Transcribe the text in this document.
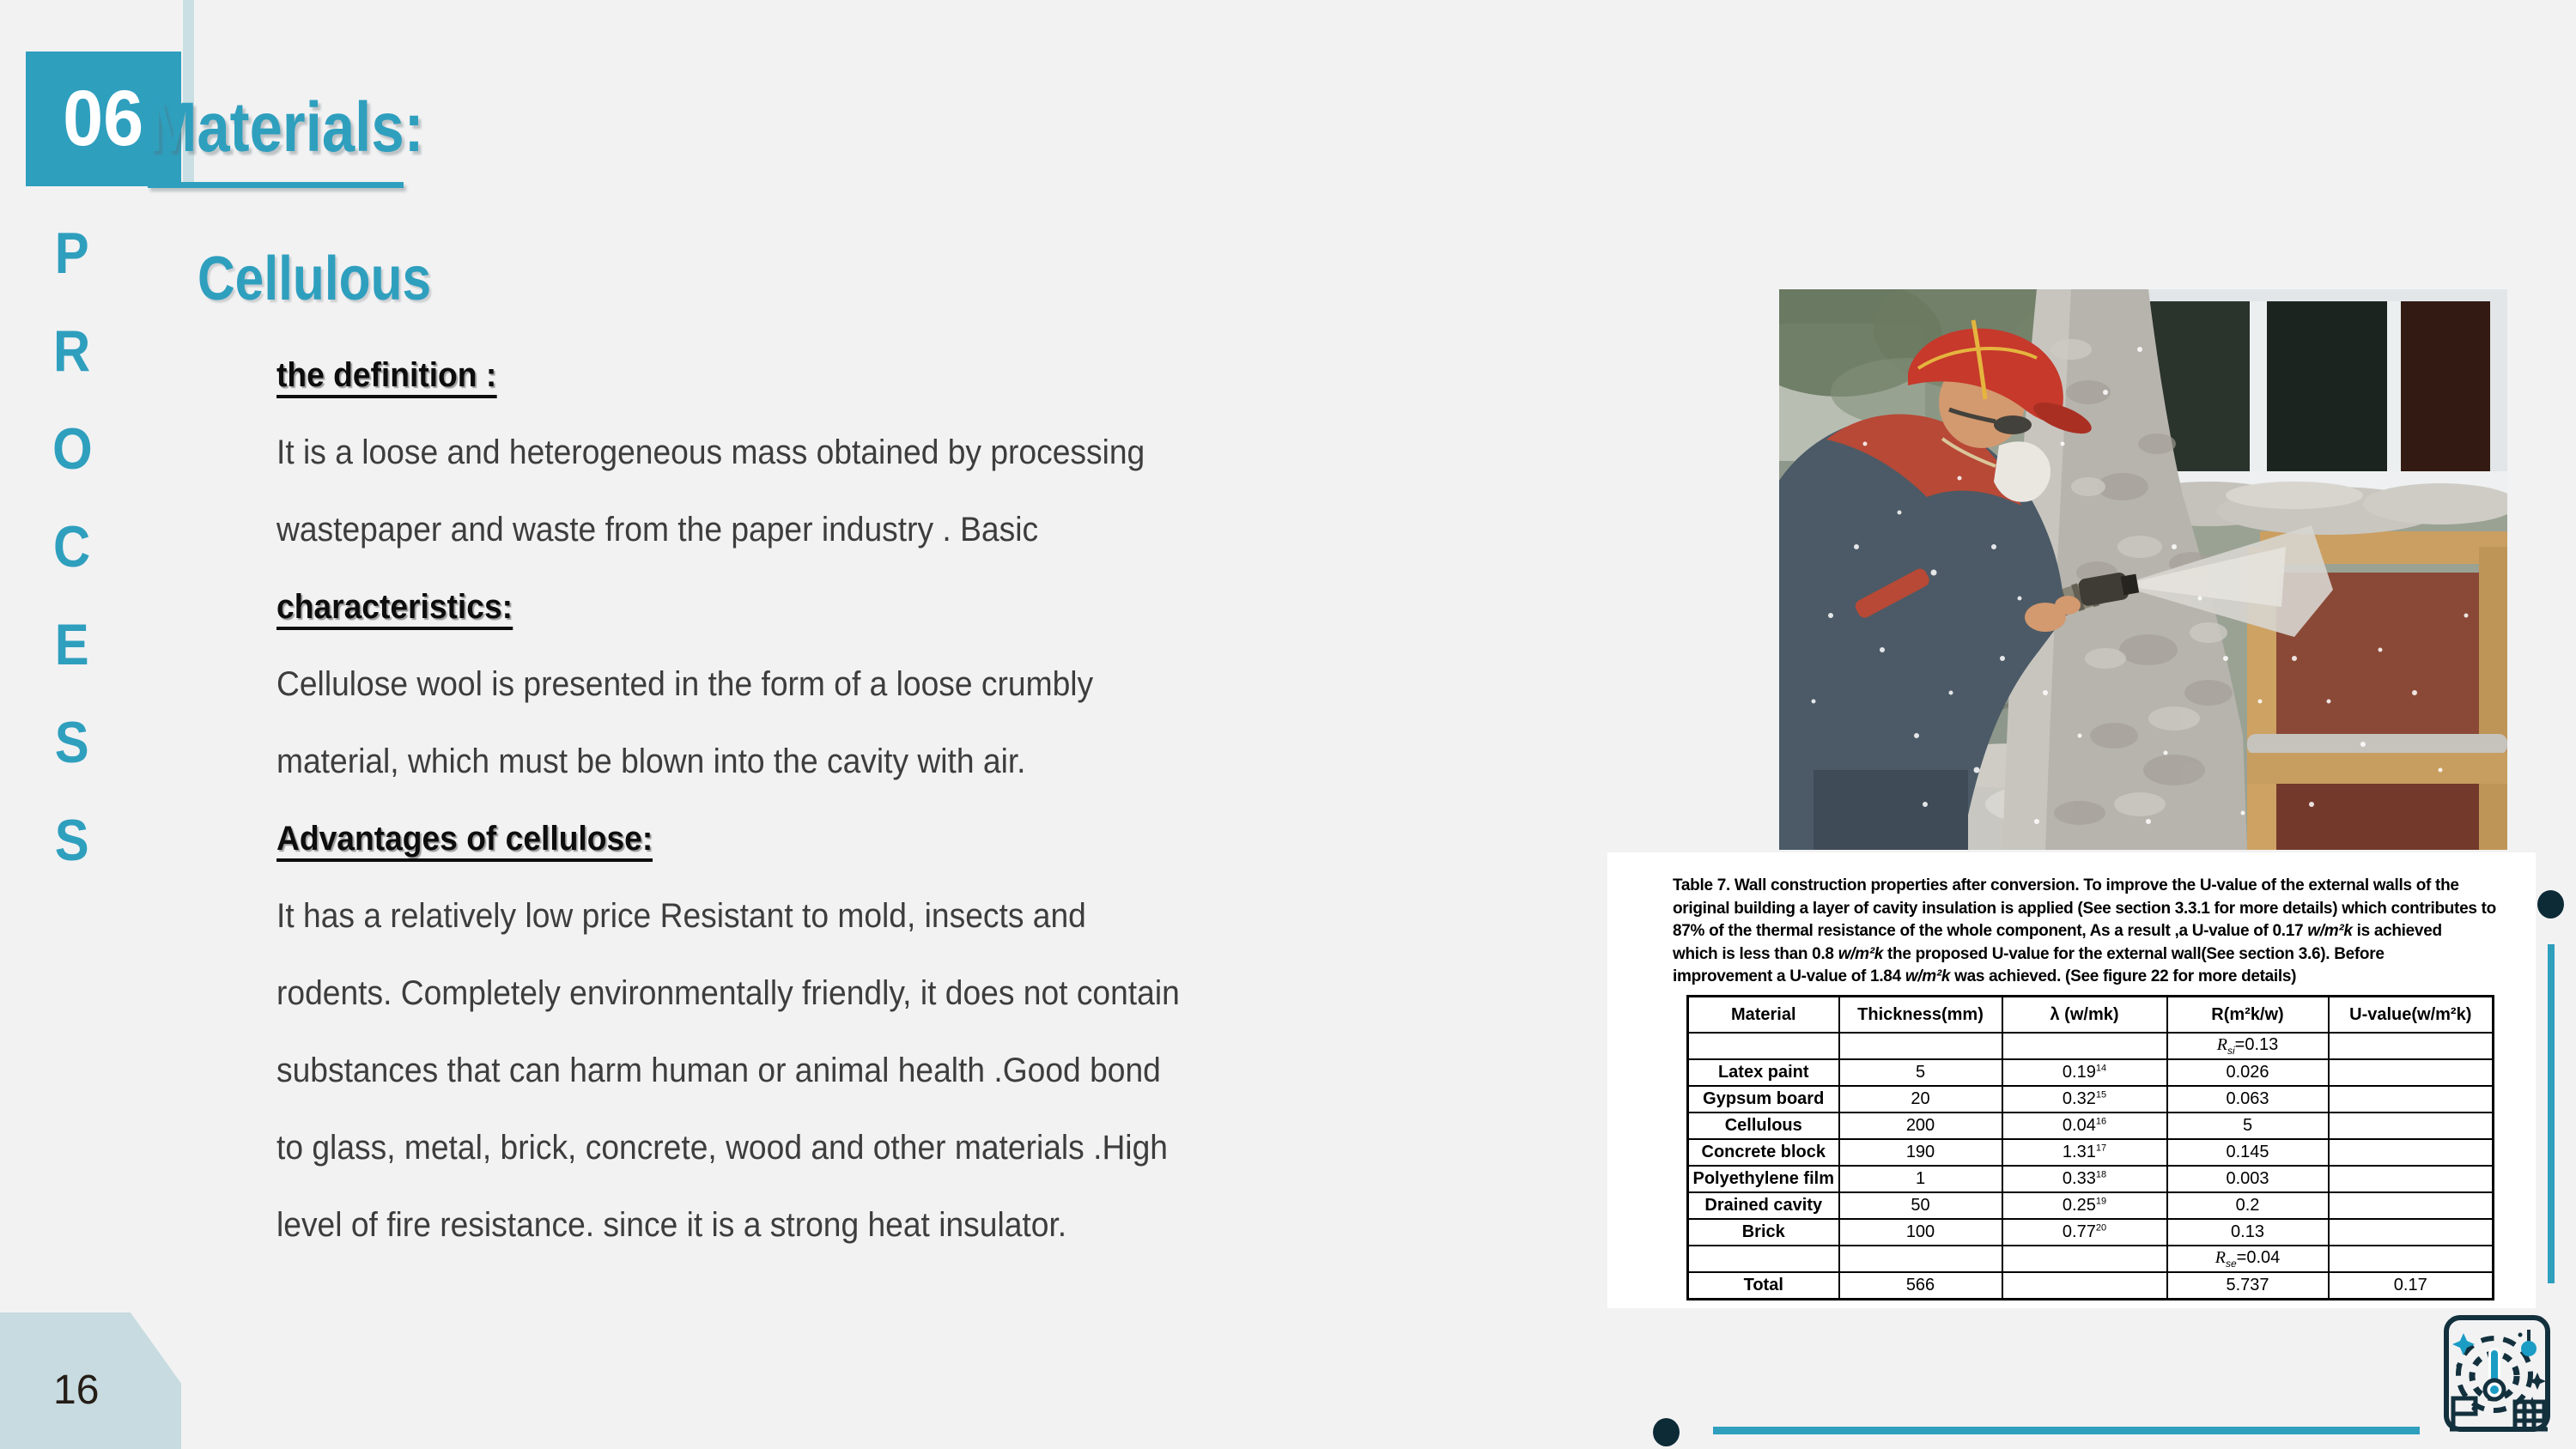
06
P
R
O
C
E
S
S
16
Materials:
Cellulous
the definition :
It is a loose and heterogeneous mass obtained by processing
wastepaper and waste from the paper industry . Basic
characteristics:
Cellulose wool is presented in the form of a loose crumbly
material, which must be blown into the cavity with air.
Advantages of cellulose:
It has a relatively low price Resistant to mold, insects and
rodents. Completely environmentally friendly, it does not contain
substances that can harm human or animal health .Good bond
to glass, metal, brick, concrete, wood and other materials .High
level of fire resistance. since it is a strong heat insulator.
Table 7. Wall construction properties after conversion. To improve the U-value of the external walls of the
original building a layer of cavity insulation is applied (See section 3.3.1 for more details) which contributes to
87% of the thermal resistance of the whole component, As a result ,a U-value of 0.17 w/m²k is achieved
which is less than 0.8 w/m²k the proposed U-value for the external wall(See section 3.6). Before
improvement a U-value of 1.84 w/m²k was achieved. (See figure 22 for more details)
Material	Thickness(mm)	λ (w/mk)	R(m²k/w)	U-value(w/m²k)
			$R_{si}=0.13$	
Latex paint	5	0.19$^{14}$	0.026	
Gypsum board	20	0.32$^{15}$	0.063	
Cellulous	200	0.04$^{16}$	5	
Concrete block	190	1.31$^{17}$	0.145	
Polyethylene film	1	0.33$^{18}$	0.003	
Drained cavity	50	0.25$^{19}$	0.2	
Brick	100	0.77$^{20}$	0.13	
			$R_{se}=0.04$	
Total	566		5.737	0.17
